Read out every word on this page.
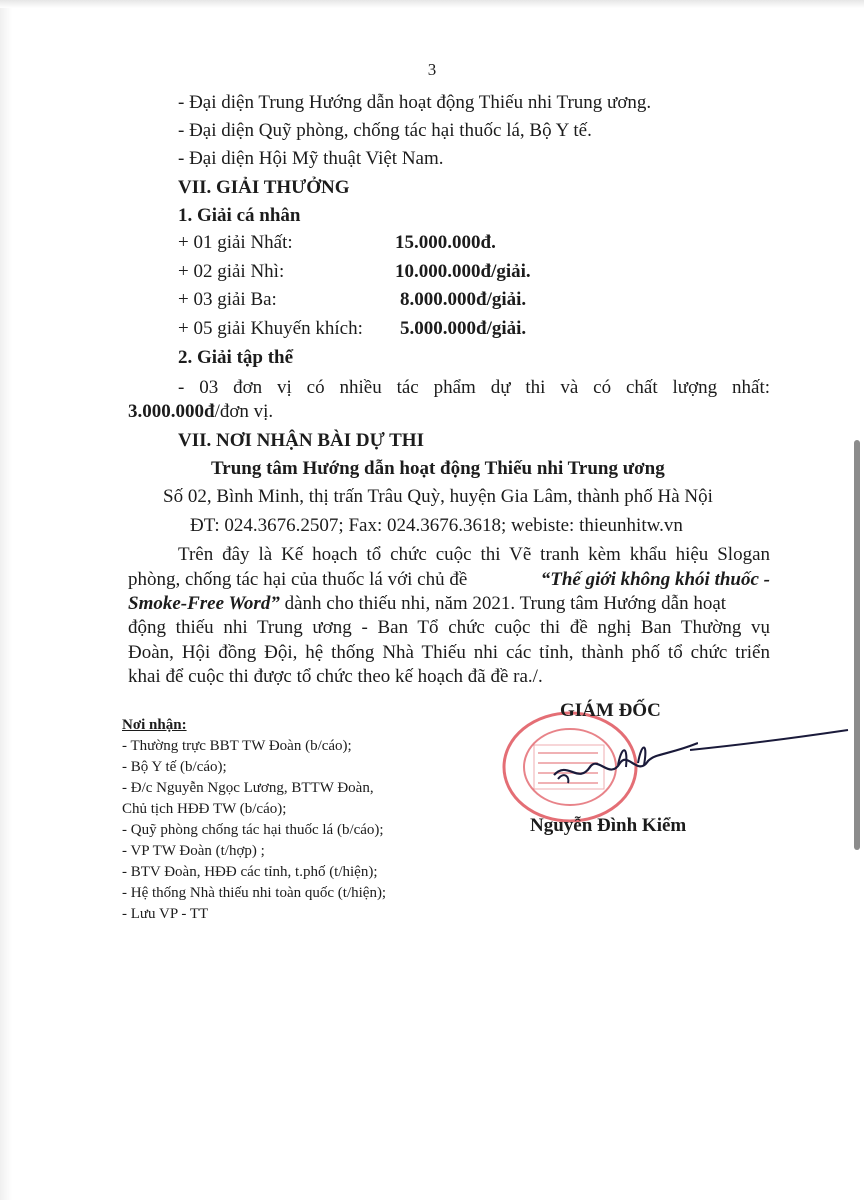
3
- Đại diện Trung Hướng dẫn hoạt động Thiếu nhi Trung ương.
- Đại diện Quỹ phòng, chống tác hại thuốc lá, Bộ Y tế.
- Đại diện Hội Mỹ thuật Việt Nam.
VII. GIẢI THƯỞNG
1. Giải cá nhân
+ 01 giải Nhất:	15.000.000đ.
+ 02 giải Nhì:	10.000.000đ/giải.
+ 03 giải Ba:	8.000.000đ/giải.
+ 05 giải Khuyến khích: 5.000.000đ/giải.
2. Giải tập thể
- 03 đơn vị có nhiều tác phẩm dự thi và có chất lượng nhất:
3.000.000đ/đơn vị.
VII. NƠI NHẬN BÀI DỰ THI
Trung tâm Hướng dẫn hoạt động Thiếu nhi Trung ương
Số 02, Bình Minh, thị trấn Trâu Quỳ, huyện Gia Lâm, thành phố Hà Nội
ĐT: 024.3676.2507; Fax: 024.3676.3618; webiste: thieunhitw.vn
Trên đây là Kế hoạch tổ chức cuộc thi Vẽ tranh kèm khẩu hiệu Slogan
phòng, chống tác hại của thuốc lá với chủ đề	“Thế giới không khói thuốc -
Smoke-Free Word” dành cho thiếu nhi, năm 2021. Trung tâm Hướng dẫn hoạt
động thiếu nhi Trung ương - Ban Tổ chức cuộc thi đề nghị Ban Thường vụ
Đoàn, Hội đồng Đội, hệ thống Nhà Thiếu nhi các tỉnh, thành phố tổ chức triển
khai để cuộc thi được tổ chức theo kế hoạch đã đề ra./.
Nơi nhận:
- Thường trực BBT TW Đoàn (b/cáo);
- Bộ Y tế (b/cáo);
- Đ/c Nguyễn Ngọc Lương, BTTW Đoàn,
Chủ tịch HĐĐ TW (b/cáo);
- Quỹ phòng chống tác hại thuốc lá (b/cáo);
- VP TW Đoàn (t/hợp) ;
- BTV Đoàn, HĐĐ các tỉnh, t.phố (t/hiện);
- Hệ thống Nhà thiếu nhi toàn quốc (t/hiện);
- Lưu VP - TT
GIÁM ĐỐC
Nguyễn Đình Kiểm
